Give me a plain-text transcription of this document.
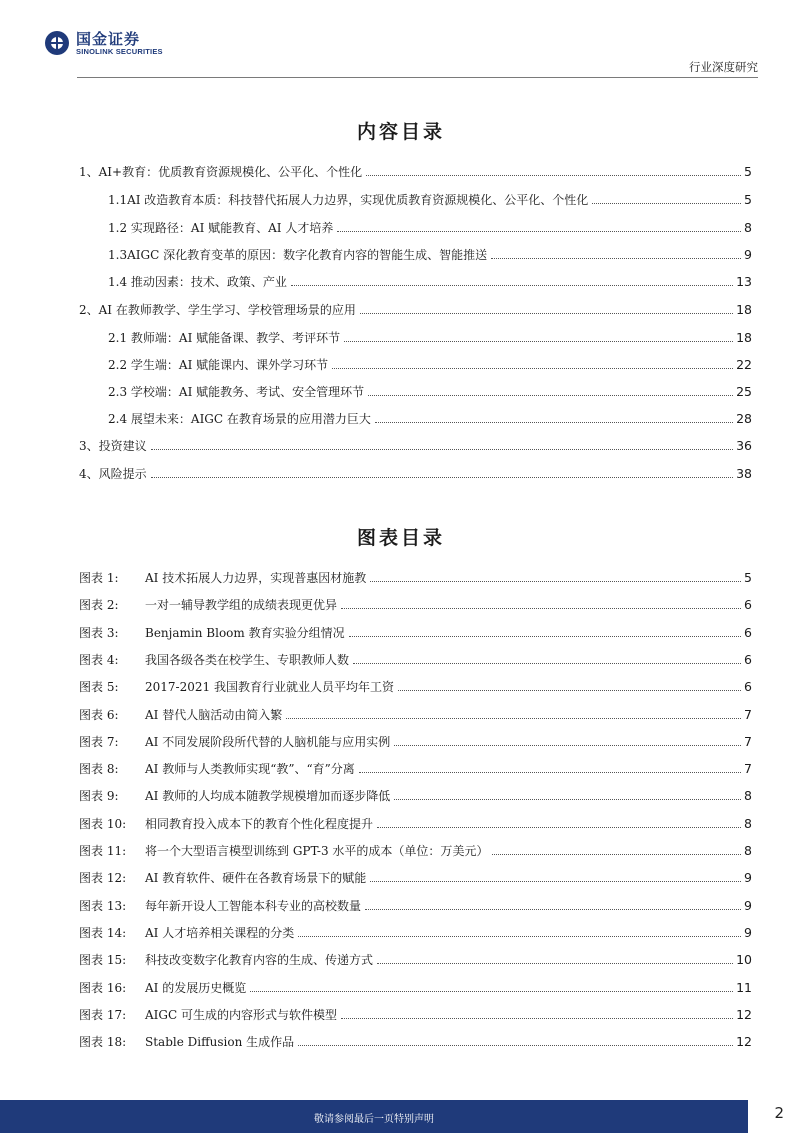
国金证券
SINOLINK SECURITIES
行业深度研究
内容目录
1、AI+教育：优质教育资源规模化、公平化、个性化	5
1.1AI 改造教育本质：科技替代拓展人力边界，实现优质教育资源规模化、公平化、个性化	5
1.2 实现路径：AI 赋能教育、AI 人才培养	8
1.3AIGC 深化教育变革的原因：数字化教育内容的智能生成、智能推送	9
1.4 推动因素：技术、政策、产业	13
2、AI 在教师教学、学生学习、学校管理场景的应用	18
2.1 教师端：AI 赋能备课、教学、考评环节	18
2.2 学生端：AI 赋能课内、课外学习环节	22
2.3 学校端：AI 赋能教务、考试、安全管理环节	25
2.4 展望未来：AIGC 在教育场景的应用潜力巨大	28
3、投资建议	36
4、风险提示	38
图表目录
图表 1:	AI 技术拓展人力边界，实现普惠因材施教	5
图表 2:	一对一辅导教学组的成绩表现更优异	6
图表 3:	Benjamin Bloom 教育实验分组情况	6
图表 4:	我国各级各类在校学生、专职教师人数	6
图表 5:	2017-2021 我国教育行业就业人员平均年工资	6
图表 6:	AI 替代人脑活动由简入繁	7
图表 7:	AI 不同发展阶段所代替的人脑机能与应用实例	7
图表 8:	AI 教师与人类教师实现“教”、“育”分离	7
图表 9:	AI 教师的人均成本随教学规模增加而逐步降低	8
图表 10:	相同教育投入成本下的教育个性化程度提升	8
图表 11:	将一个大型语言模型训练到 GPT-3 水平的成本（单位：万美元）	8
图表 12:	AI 教育软件、硬件在各教育场景下的赋能	9
图表 13:	每年新开设人工智能本科专业的高校数量	9
图表 14:	AI 人才培养相关课程的分类	9
图表 15:	科技改变数字化教育内容的生成、传递方式	10
图表 16:	AI 的发展历史概览	11
图表 17:	AIGC 可生成的内容形式与软件模型	12
图表 18:	Stable Diffusion 生成作品	12
敬请参阅最后一页特别声明	2
